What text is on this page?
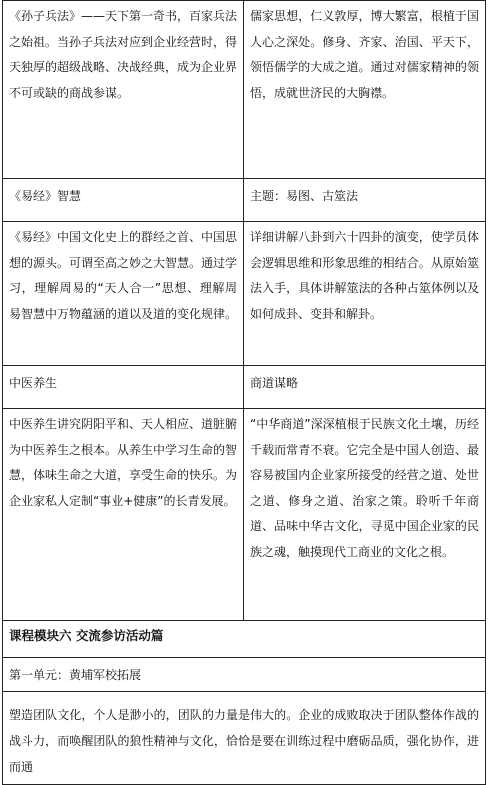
《孙子兵法》——天下第一奇书，百家兵法之始祖。当孙子兵法对应到企业经营时，得天独厚的超级战略、决战经典，成为企业界不可或缺的商战参谋。	儒家思想，仁义敦厚，博大繁富，根植于国人心之深处。修身、齐家、治国、平天下，领悟儒学的大成之道。通过对儒家精神的领悟，成就世济民的大胸襟。
《易经》智慧	主题：易图、古筮法
《易经》中国文化史上的群经之首、中国思想的源头。可谓至高之妙之大智慧。通过学习，理解周易的“天人合一”思想、理解周易智慧中万物蕴涵的道以及道的变化规律。	详细讲解八卦到六十四卦的演变，使学员体会逻辑思维和形象思维的相结合。从原始筮法入手，具体讲解筮法的各种占筮体例以及如何成卦、变卦和解卦。
中医养生	商道谋略
中医养生讲究阴阳平和、天人相应、道脏腑为中医养生之根本。从养生中学习生命的智慧，体味生命之大道，享受生命的快乐。为企业家私人定制“事业+健康”的长青发展。	“中华商道”深深植根于民族文化土壤，历经千载而常青不衰。它完全是中国人创造、最容易被国内企业家所接受的经营之道、处世之道、修身之道、治家之策。聆听千年商道、品味中华古文化，寻觅中国企业家的民族之魂，触摸现代工商业的文化之根。
课程模块六 交流参访活动篇	
第一单元：黄埔军校拓展	
塑造团队文化，个人是渺小的，团队的力量是伟大的。企业的成败取决于团队整体作战的战斗力，而唤醒团队的狼性精神与文化，恰恰是要在训练过程中磨砺品质，强化协作，进而通	
